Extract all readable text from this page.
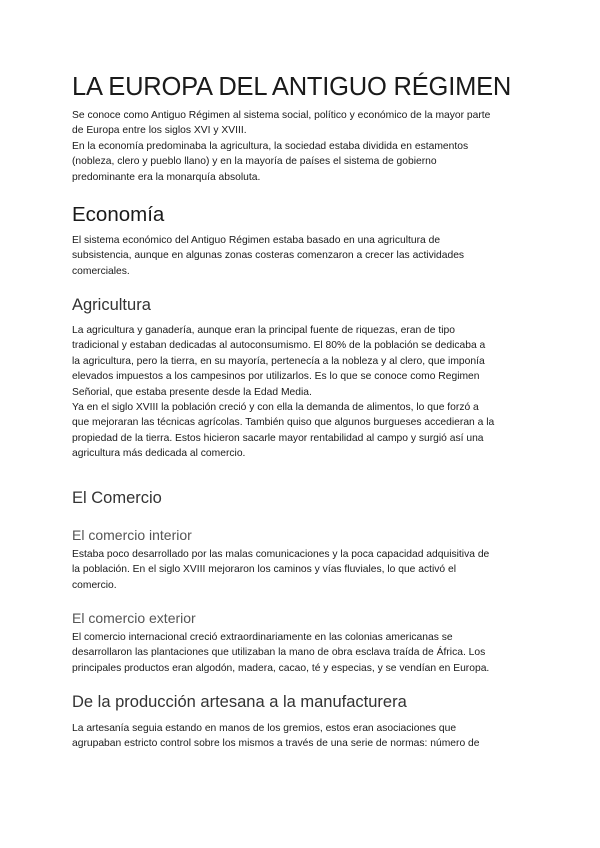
LA EUROPA DEL ANTIGUO RÉGIMEN
Se conoce como Antiguo Régimen al sistema social, político y económico de la mayor parte
de Europa entre los siglos XVI y XVIII.
En la economía predominaba la agricultura, la sociedad estaba dividida en estamentos
(nobleza, clero y pueblo llano) y en la mayoría de países el sistema de gobierno
predominante era la monarquía absoluta.
Economía
El sistema económico del Antiguo Régimen estaba basado en una agricultura de
subsistencia, aunque en algunas zonas costeras comenzaron a crecer las actividades
comerciales.
Agricultura
La agricultura y ganadería, aunque eran la principal fuente de riquezas, eran de tipo
tradicional y estaban dedicadas al autoconsumismo. El 80% de la población se dedicaba a
la agricultura, pero la tierra, en su mayoría, pertenecía a la nobleza y al clero, que imponía
elevados impuestos a los campesinos por utilizarlos. Es lo que se conoce como Regimen
Señorial, que estaba presente desde la Edad Media.
Ya en el siglo XVIII la población creció y con ella la demanda de alimentos, lo que forzó a
que mejoraran las técnicas agrícolas. También quiso que algunos burgueses accedieran a la
propiedad de la tierra. Estos hicieron sacarle mayor rentabilidad al campo y surgió así una
agricultura más dedicada al comercio.
El Comercio
El comercio interior
Estaba poco desarrollado por las malas comunicaciones y la poca capacidad adquisitiva de
la población. En el siglo XVIII mejoraron los caminos y vías fluviales, lo que activó el
comercio.
El comercio exterior
El comercio internacional creció extraordinariamente en las colonias americanas se
desarrollaron las plantaciones que utilizaban la mano de obra esclava traída de África. Los
principales productos eran algodón, madera, cacao, té y especias, y se vendían en Europa.
De la producción artesana a la manufacturera
La artesanía seguia estando en manos de los gremios, estos eran asociaciones que
agrupaban estricto control sobre los mismos a través de una serie de normas: número de
